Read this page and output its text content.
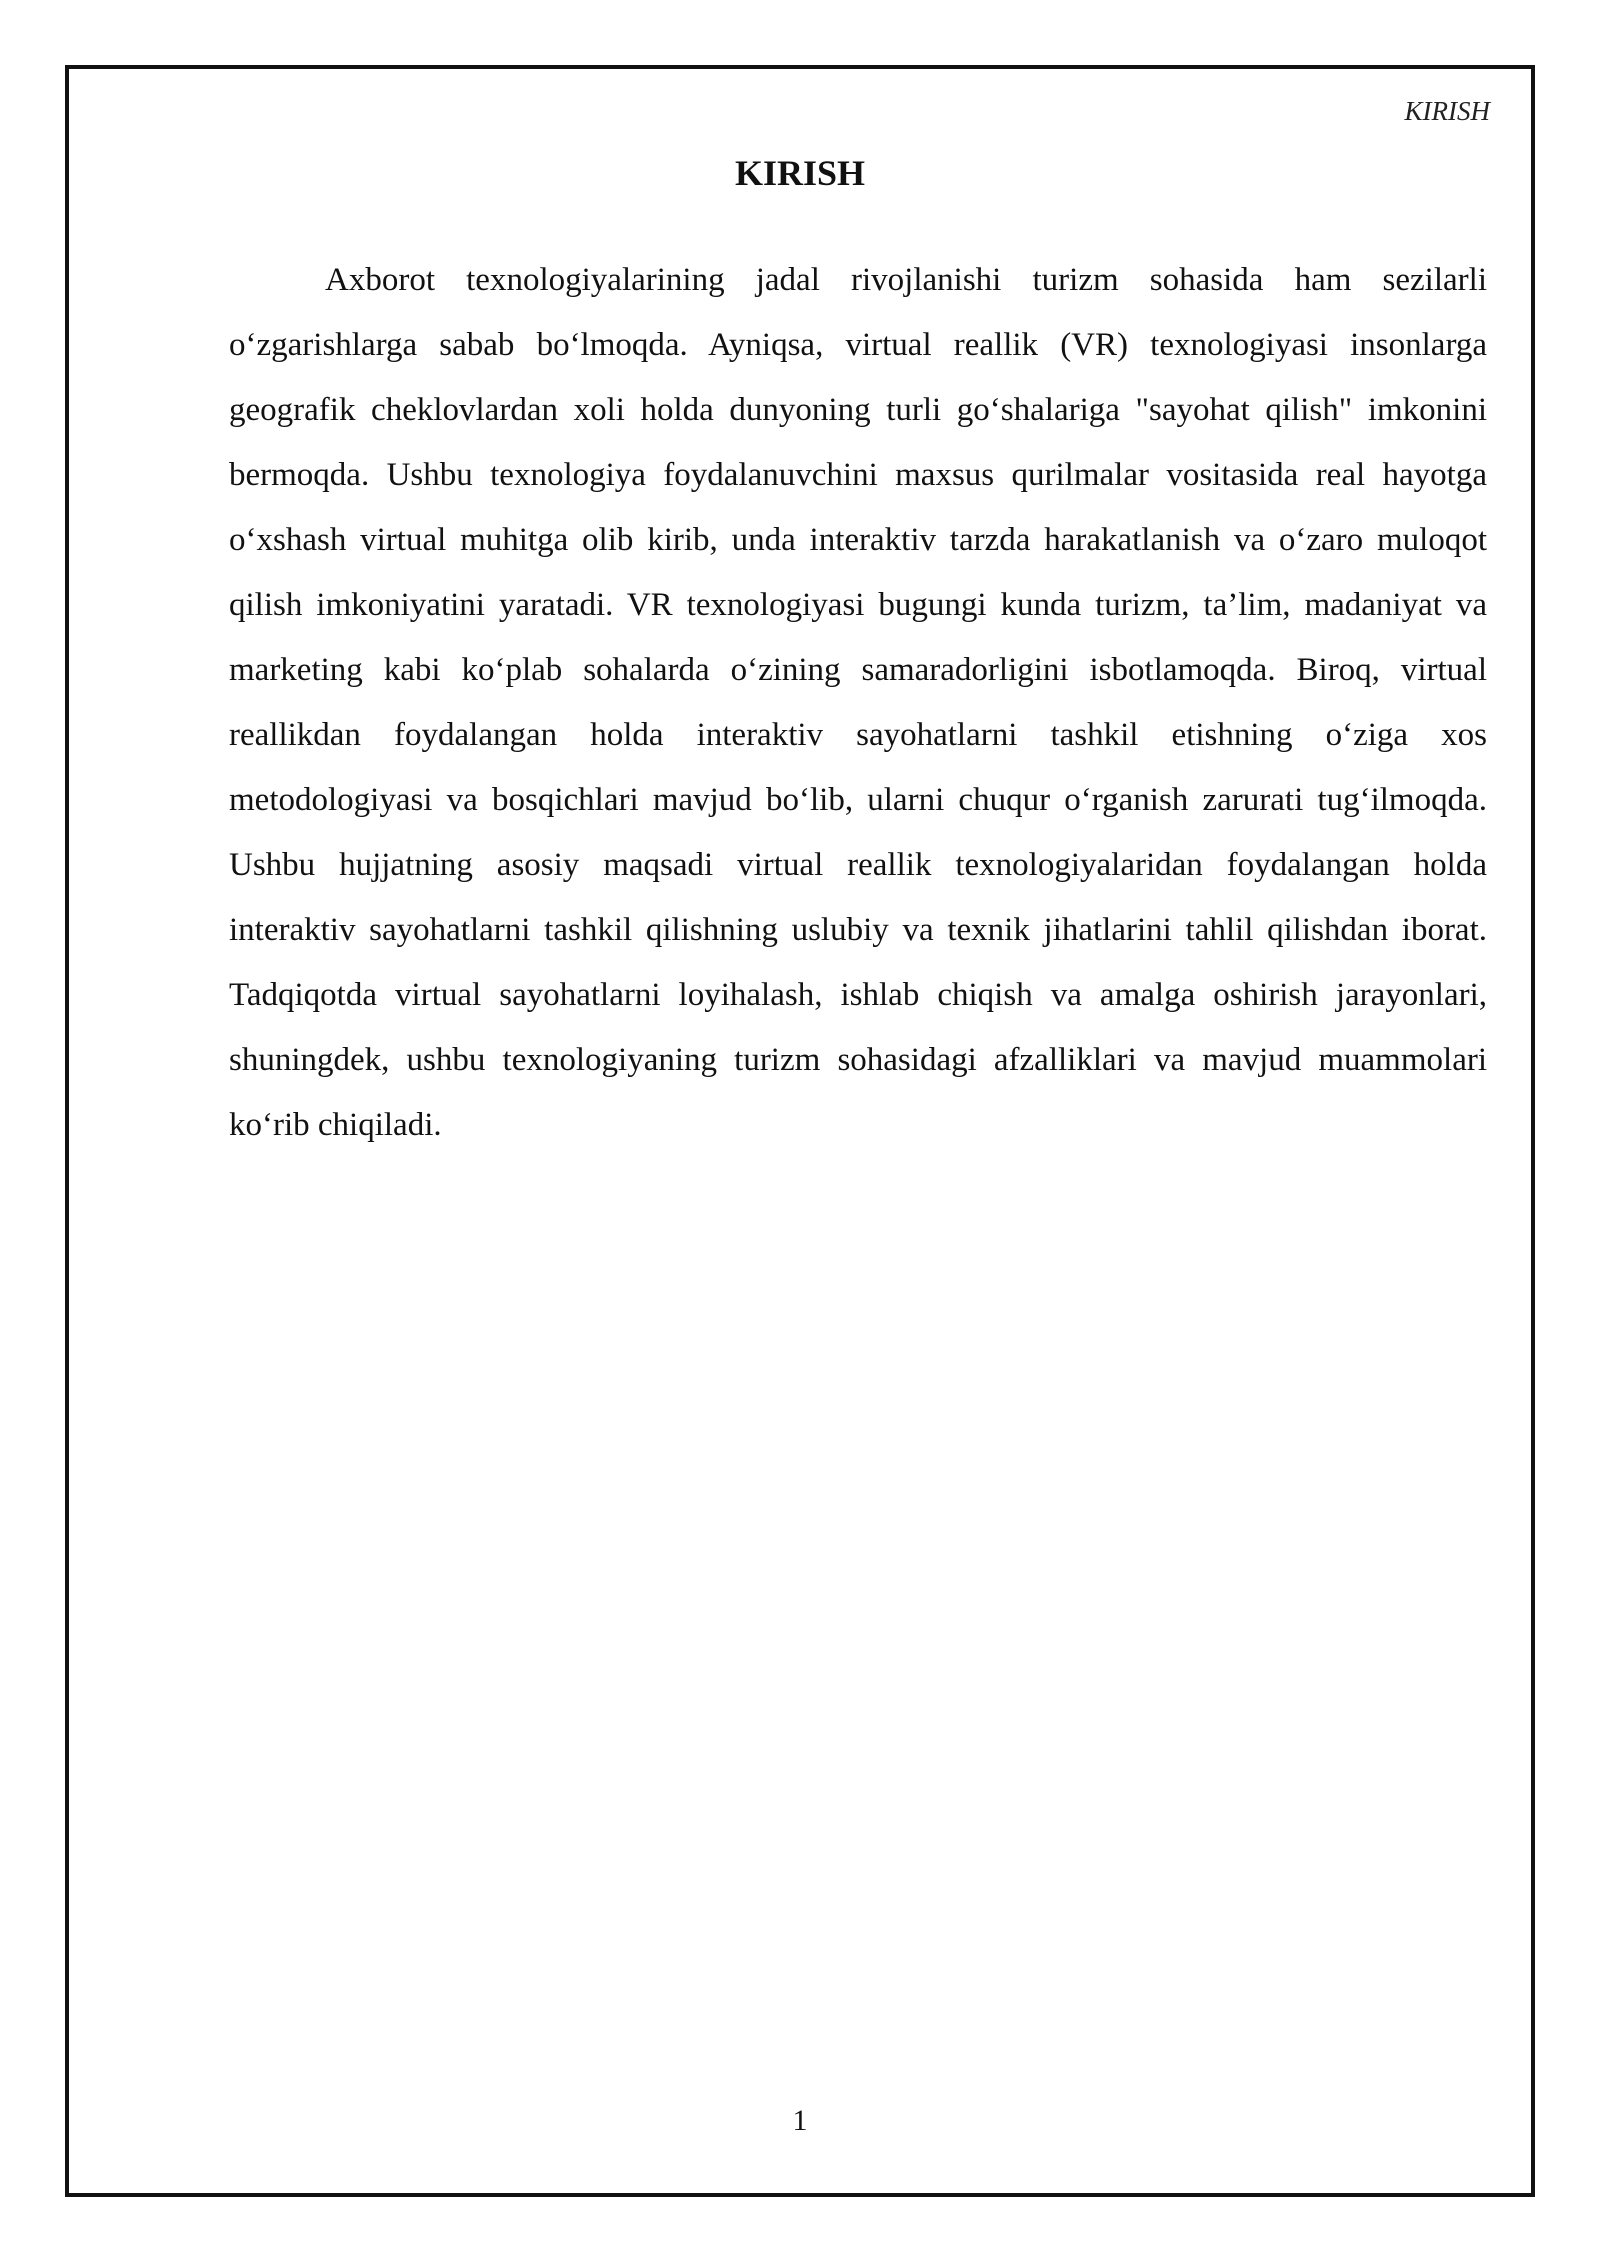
KIRISH
KIRISH

Axborot texnologiyalarining jadal rivojlanishi turizm sohasida ham sezilarli o‘zgarishlarga sabab bo‘lmoqda. Ayniqsa, virtual reallik (VR) texnologiyasi insonlarga geografik cheklovlardan xoli holda dunyoning turli go‘shalariga "sayohat qilish" imkonini bermoqda. Ushbu texnologiya foydalanuvchini maxsus qurilmalar vositasida real hayotga o‘xshash virtual muhitga olib kirib, unda interaktiv tarzda harakatlanish va o‘zaro muloqot qilish imkoniyatini yaratadi. VR texnologiyasi bugungi kunda turizm, ta’lim, madaniyat va marketing kabi ko‘plab sohalarda o‘zining samaradorligini isbotlamoqda. Biroq, virtual reallikdan foydalangan holda interaktiv sayohatlarni tashkil etishning o‘ziga xos metodologiyasi va bosqichlari mavjud bo‘lib, ularni chuqur o‘rganish zarurati tug‘ilmoqda. Ushbu hujjatning asosiy maqsadi virtual reallik texnologiyalaridan foydalangan holda interaktiv sayohatlarni tashkil qilishning uslubiy va texnik jihatlarini tahlil qilishdan iborat. Tadqiqotda virtual sayohatlarni loyihalash, ishlab chiqish va amalga oshirish jarayonlari, shuningdek, ushbu texnologiyaning turizm sohasidagi afzalliklari va mavjud muammolari ko‘rib chiqiladi.

1
